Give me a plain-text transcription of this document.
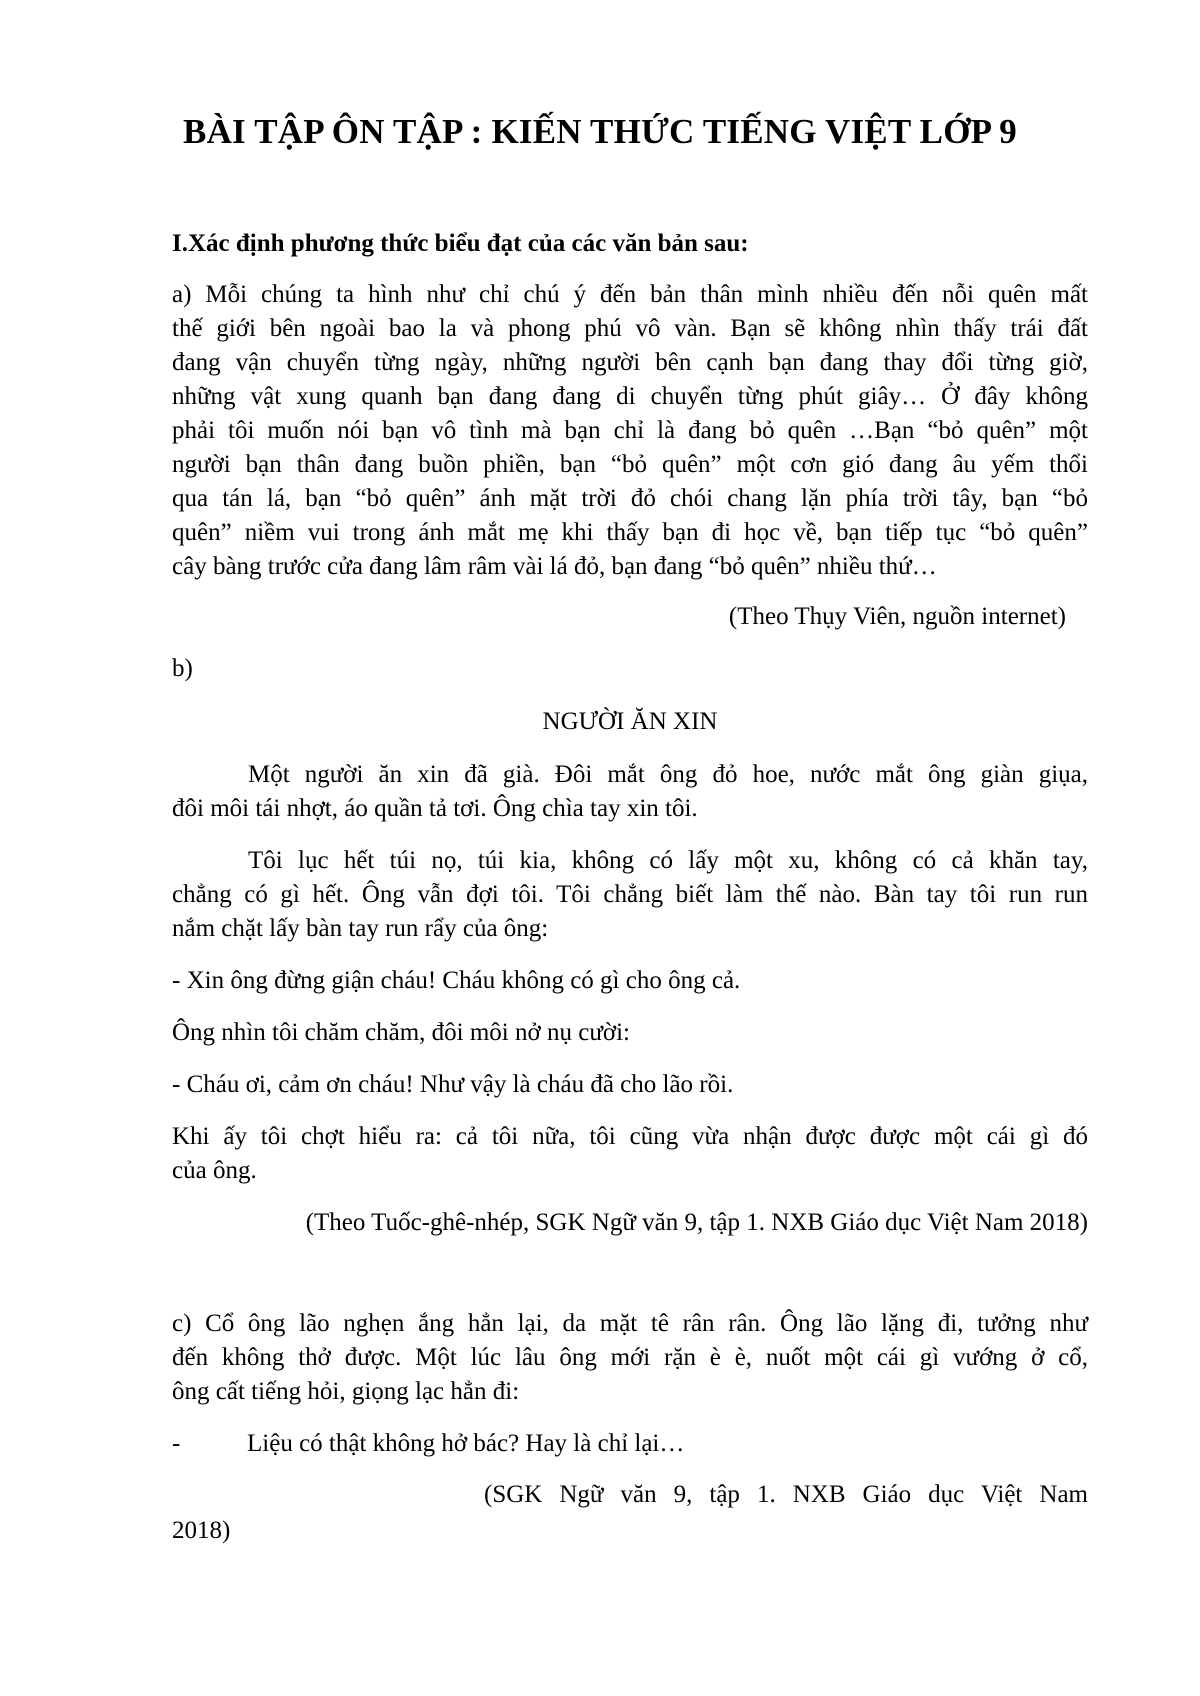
BÀI TẬP ÔN TẬP : KIẾN THỨC TIẾNG VIỆT LỚP 9
I.Xác định phương thức biểu đạt của các văn bản sau:
a) Mỗi chúng ta hình như chỉ chú ý đến bản thân mình nhiều đến nỗi quên mất
thế giới bên ngoài bao la và phong phú vô vàn. Bạn sẽ không nhìn thấy trái đất
đang vận chuyển từng ngày, những người bên cạnh bạn đang thay đổi từng giờ,
những vật xung quanh bạn đang đang di chuyển từng phút giây… Ở đây không
phải tôi muốn nói bạn vô tình mà bạn chỉ là đang bỏ quên …Bạn “bỏ quên” một
người bạn thân đang buồn phiền, bạn “bỏ quên” một cơn gió đang âu yếm thổi
qua tán lá, bạn “bỏ quên” ánh mặt trời đỏ chói chang lặn phía trời tây, bạn “bỏ
quên” niềm vui trong ánh mắt mẹ khi thấy bạn đi học về, bạn tiếp tục “bỏ quên”
cây bàng trước cửa đang lâm râm vài lá đỏ, bạn đang “bỏ quên” nhiều thứ…
(Theo Thụy Viên, nguồn internet)
b)
NGƯỜI ĂN XIN
Một người ăn xin đã già. Đôi mắt ông đỏ hoe, nước mắt ông giàn giụa,
đôi môi tái nhợt, áo quần tả tơi. Ông chìa tay xin tôi.
Tôi lục hết túi nọ, túi kia, không có lấy một xu, không có cả khăn tay,
chẳng có gì hết. Ông vẫn đợi tôi. Tôi chẳng biết làm thế nào. Bàn tay tôi run run
nắm chặt lấy bàn tay run rẩy của ông:
- Xin ông đừng giận cháu! Cháu không có gì cho ông cả.
Ông nhìn tôi chăm chăm, đôi môi nở nụ cười:
- Cháu ơi, cảm ơn cháu! Như vậy là cháu đã cho lão rồi.
Khi ấy tôi chợt hiểu ra: cả tôi nữa, tôi cũng vừa nhận được được một cái gì đó
của ông.
(Theo Tuốc-ghê-nhép, SGK Ngữ văn 9, tập 1. NXB Giáo dục Việt Nam 2018)
c) Cổ ông lão nghẹn ắng hẳn lại, da mặt tê rân rân. Ông lão lặng đi, tưởng như
đến không thở được. Một lúc lâu ông mới rặn è è, nuốt một cái gì vướng ở cổ,
ông cất tiếng hỏi, giọng lạc hẳn đi:
-	Liệu có thật không hở bác? Hay là chỉ lại…
(SGK Ngữ văn 9, tập 1. NXB Giáo dục Việt Nam
2018)
